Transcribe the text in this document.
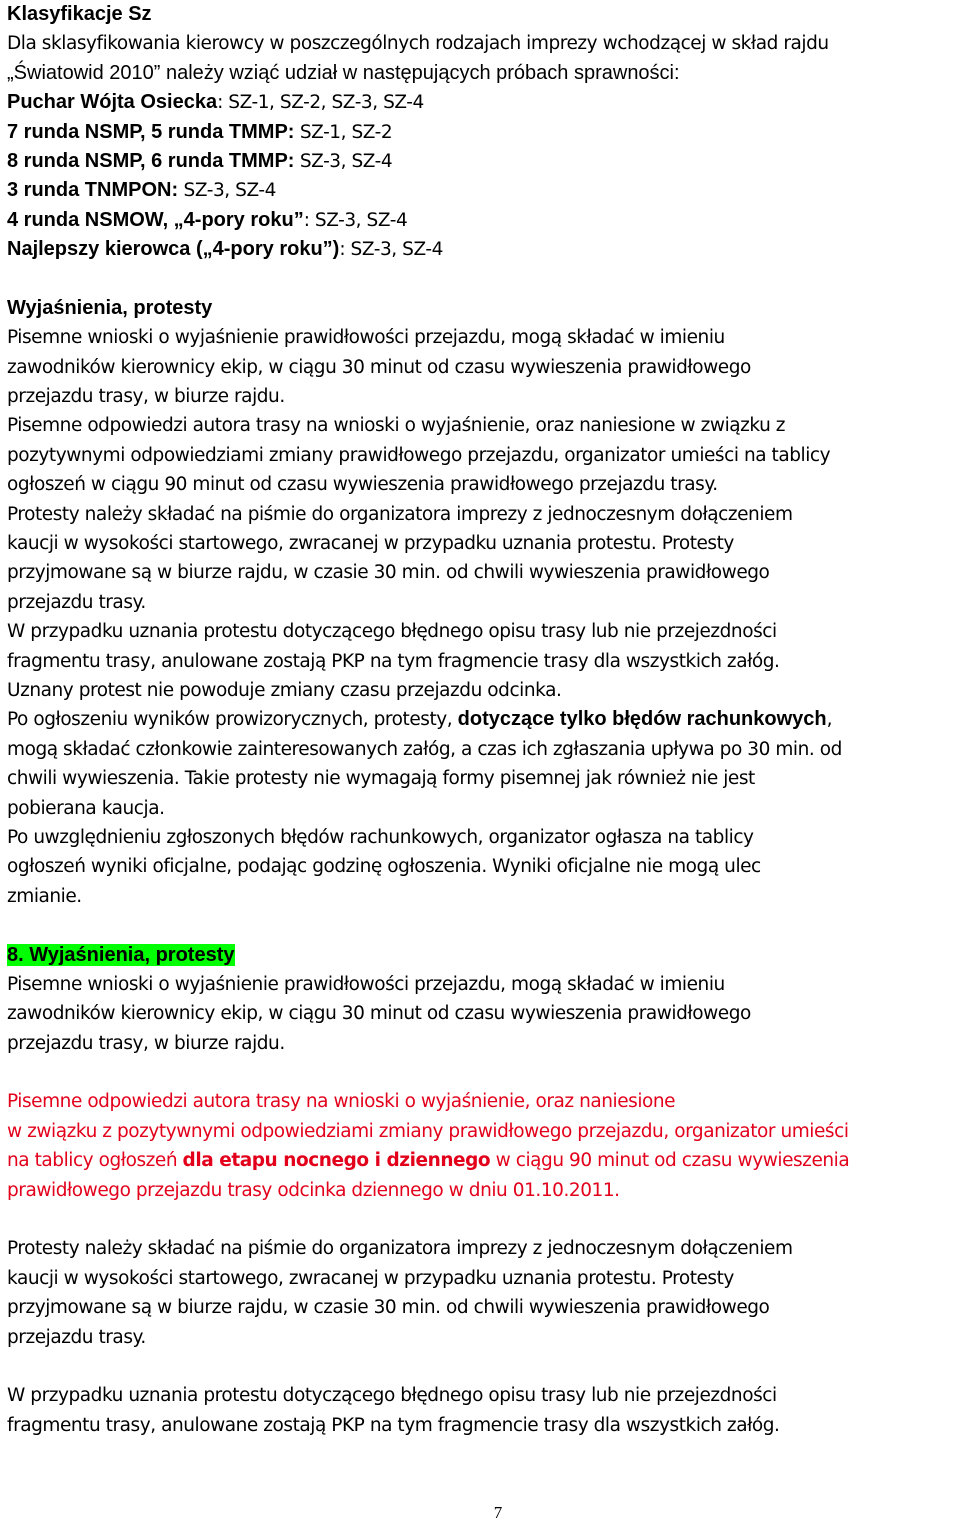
Klasyfikacje Sz
Dla sklasyfikowania kierowcy w poszczególnych rodzajach imprezy wchodzącej w skład rajdu
„Światowid 2010” należy wziąć udział w następujących próbach sprawności:
Puchar Wójta Osiecka: SZ-1, SZ-2, SZ-3, SZ-4
7 runda NSMP, 5 runda TMMP: SZ-1, SZ-2
8 runda NSMP, 6 runda TMMP: SZ-3, SZ-4
3 runda TNMPON: SZ-3, SZ-4
4 runda NSMOW, „4-pory roku”: SZ-3, SZ-4
Najlepszy kierowca („4-pory roku”): SZ-3, SZ-4
Wyjaśnienia, protesty
Pisemne wnioski o wyjaśnienie prawidłowości przejazdu, mogą składać w imieniu
zawodników kierownicy ekip, w ciągu 30 minut od czasu wywieszenia prawidłowego
przejazdu trasy, w biurze rajdu.
Pisemne odpowiedzi autora trasy na wnioski o wyjaśnienie, oraz naniesione w związku z
pozytywnymi odpowiedziami zmiany prawidłowego przejazdu, organizator umieści na tablicy
ogłoszeń w ciągu 90 minut od czasu wywieszenia prawidłowego przejazdu trasy.
Protesty należy składać na piśmie do organizatora imprezy z jednoczesnym dołączeniem
kaucji w wysokości startowego, zwracanej w przypadku uznania protestu. Protesty
przyjmowane są w biurze rajdu, w czasie 30 min. od chwili wywieszenia prawidłowego
przejazdu trasy.
W przypadku uznania protestu dotyczącego błędnego opisu trasy lub nie przejezdności
fragmentu trasy, anulowane zostają PKP na tym fragmencie trasy dla wszystkich załóg.
Uznany protest nie powoduje zmiany czasu przejazdu odcinka.
Po ogłoszeniu wyników prowizorycznych, protesty, dotyczące tylko błędów rachunkowych,
mogą składać członkowie zainteresowanych załóg, a czas ich zgłaszania upływa po 30 min. od
chwili wywieszenia. Takie protesty nie wymagają formy pisemnej jak również nie jest
pobierana kaucja.
Po uwzględnieniu zgłoszonych błędów rachunkowych, organizator ogłasza na tablicy
ogłoszeń wyniki oficjalne, podając godzinę ogłoszenia. Wyniki oficjalne nie mogą ulec
zmianie.
8. Wyjaśnienia, protesty
Pisemne wnioski o wyjaśnienie prawidłowości przejazdu, mogą składać w imieniu
zawodników kierownicy ekip, w ciągu 30 minut od czasu wywieszenia prawidłowego
przejazdu trasy, w biurze rajdu.
Pisemne odpowiedzi autora trasy na wnioski o wyjaśnienie, oraz naniesione
w związku z pozytywnymi odpowiedziami zmiany prawidłowego przejazdu, organizator umieści
na tablicy ogłoszeń dla etapu nocnego i dziennego w ciągu 90 minut od czasu wywieszenia
prawidłowego przejazdu trasy odcinka dziennego w dniu 01.10.2011.
Protesty należy składać na piśmie do organizatora imprezy z jednoczesnym dołączeniem
kaucji w wysokości startowego, zwracanej w przypadku uznania protestu. Protesty
przyjmowane są w biurze rajdu, w czasie 30 min. od chwili wywieszenia prawidłowego
przejazdu trasy.
W przypadku uznania protestu dotyczącego błędnego opisu trasy lub nie przejezdności
fragmentu trasy, anulowane zostają PKP na tym fragmencie trasy dla wszystkich załóg.
7
